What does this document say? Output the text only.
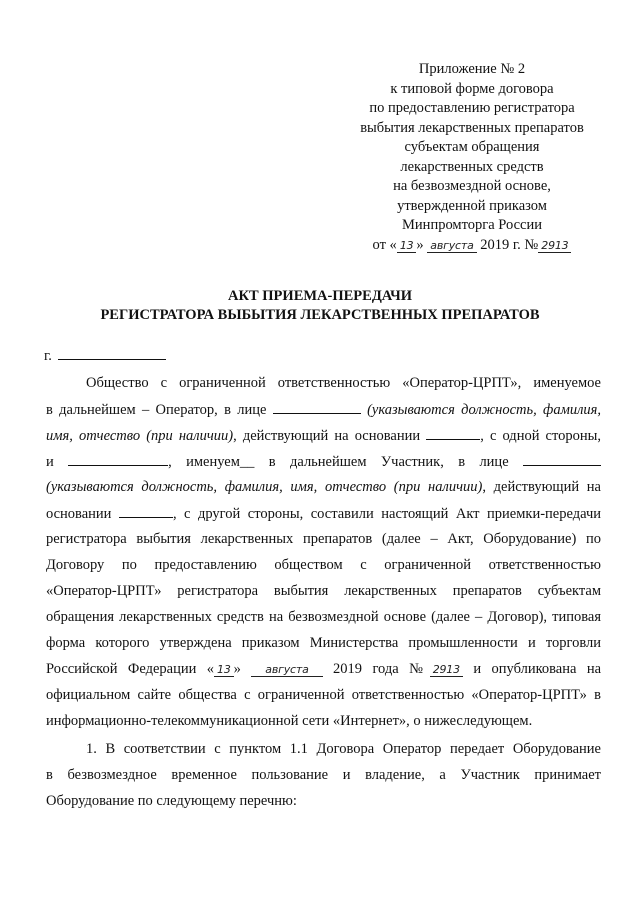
Приложение № 2
к типовой форме договора
по предоставлению регистратора
выбытия лекарственных препаратов
субъектам обращения
лекарственных средств
на безвозмездной основе,
утвержденной приказом
Минпромторга России
от « 13 » августа 2019 г. № 2913
АКТ ПРИЕМА-ПЕРЕДАЧИ
РЕГИСТРАТОРА ВЫБЫТИЯ ЛЕКАРСТВЕННЫХ ПРЕПАРАТОВ
г.
Общество с ограниченной ответственностью «Оператор-ЦРПТ», именуемое
в дальнейшем – Оператор, в лице	(указываются должность, фамилия,
имя, отчество (при наличии), действующий на основании	, с одной стороны,
и	, именуем__ в дальнейшем Участник, в лице
(указываются должность, фамилия, имя, отчество (при наличии), действующий на
основании	, с другой стороны, составили настоящий Акт приемки-передачи
регистратора выбытия лекарственных препаратов (далее – Акт, Оборудование) по
Договору по предоставлению обществом с ограниченной ответственностью
«Оператор-ЦРПТ» регистратора выбытия лекарственных препаратов субъектам
обращения лекарственных средств на безвозмездной основе (далее – Договор), типовая
форма которого утверждена приказом Министерства промышленности и торговли
Российской Федерации « 13 » августа 2019 года № 2913 и опубликована на
официальном сайте общества с ограниченной ответственностью «Оператор-ЦРПТ» в
информационно-телекоммуникационной сети «Интернет», о нижеследующем.
1. В соответствии с пунктом 1.1 Договора Оператор передает Оборудование
в безвозмездное временное пользование и владение, а Участник принимает
Оборудование по следующему перечню:
